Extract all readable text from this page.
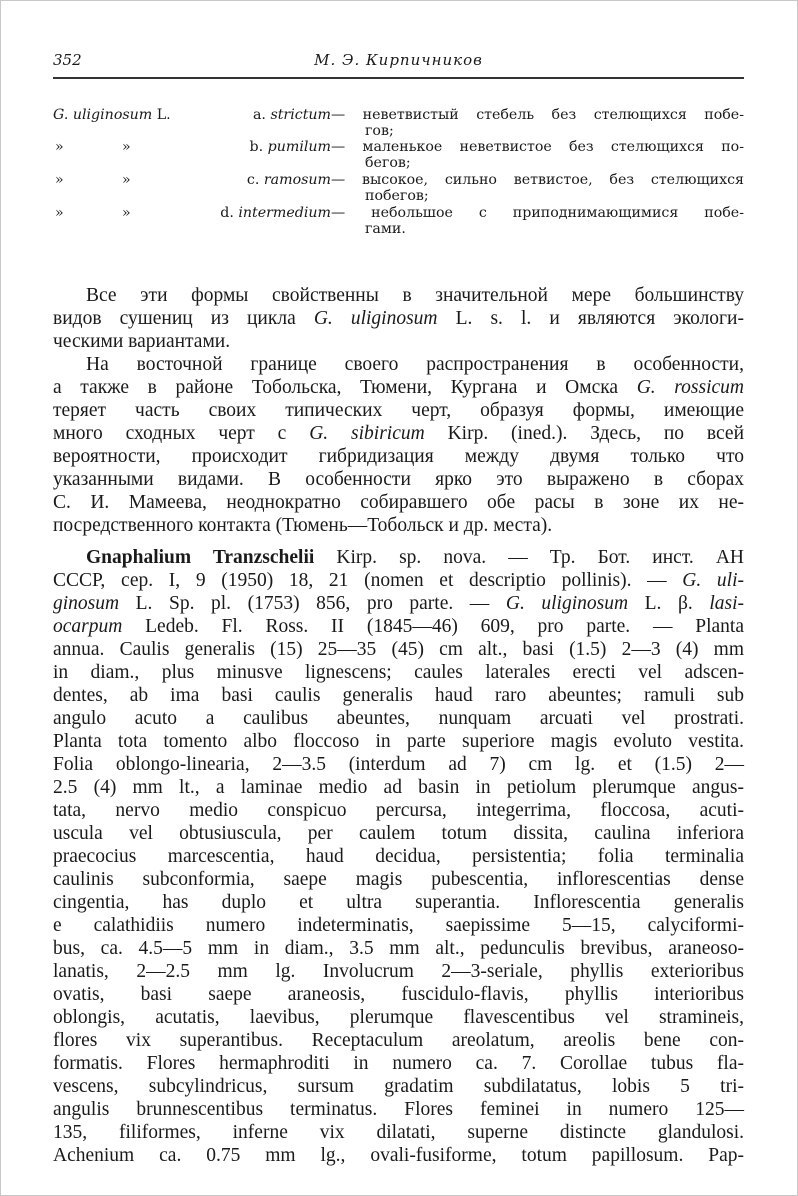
352	М. Э. Кирпичников
G. uliginosum L.	a. strictum — неветвистый стебель без стелющихся побе-
гов;
»	»	b. pumilum — маленькое неветвистое без стелющихся по-
бегов;
»	»	c. ramosum — высокое, сильно ветвистое, без стелющихся
побегов;
»	»	d. intermedium — небольшое с приподнимающимися побе-
гами.
Все эти формы свойственны в значительной мере большинству
видов сушениц из цикла G. uliginosum L. s. l. и являются экологи-
ческими вариантами.
На восточной границе своего распространения в особенности,
а также в районе Тобольска, Тюмени, Кургана и Омска G. rossicum
теряет часть своих типических черт, образуя формы, имеющие
много сходных черт с G. sibiricum Kirp. (ined.). Здесь, по всей
вероятности, происходит гибридизация между двумя только что
указанными видами. В особенности ярко это выражено в сборах
С. И. Мамеева, неоднократно собиравшего обе расы в зоне их не-
посредственного контакта (Тюмень—Тобольск и др. места).
Gnaphalium Tranzschelii Kirp. sp. nova. — Тр. Бот. инст. АН
СССР, сер. I, 9 (1950) 18, 21 (nomen et descriptio pollinis). — G. uli-
ginosum L. Sp. pl. (1753) 856, pro parte. — G. uliginosum L. β. lasi-
ocarpum Ledeb. Fl. Ross. II (1845—46) 609, pro parte. — Planta
annua. Caulis generalis (15) 25—35 (45) cm alt., basi (1.5) 2—3 (4) mm
in diam., plus minusve lignescens; caules laterales erecti vel adscen-
dentes, ab ima basi caulis generalis haud raro abeuntes; ramuli sub
angulo acuto a caulibus abeuntes, nunquam arcuati vel prostrati.
Planta tota tomento albo floccoso in parte superiore magis evoluto vestita.
Folia oblongo-linearia, 2—3.5 (interdum ad 7) cm lg. et (1.5) 2—
2.5 (4) mm lt., a laminae medio ad basin in petiolum plerumque angus-
tata, nervo medio conspicuo percursa, integerrima, floccosa, acuti-
uscula vel obtusiuscula, per caulem totum dissita, caulina inferiora
praecocius marcescentia, haud decidua, persistentia; folia terminalia
caulinis subconformia, saepe magis pubescentia, inflorescentias dense
cingentia, has duplo et ultra superantia. Inflorescentia generalis
e calathidiis numero indeterminatis, saepissime 5—15, calyciformi-
bus, ca. 4.5—5 mm in diam., 3.5 mm alt., pedunculis brevibus, araneoso-
lanatis, 2—2.5 mm lg. Involucrum 2—3-seriale, phyllis exterioribus
ovatis, basi saepe araneosis, fuscidulo-flavis, phyllis interioribus
oblongis, acutatis, laevibus, plerumque flavescentibus vel stramineis,
flores vix superantibus. Receptaculum areolatum, areolis bene con-
formatis. Flores hermaphroditi in numero ca. 7. Corollae tubus fla-
vescens, subcylindricus, sursum gradatim subdilatatus, lobis 5 tri-
angulis brunnescentibus terminatus. Flores feminei in numero 125—
135, filiformes, inferne vix dilatati, superne distincte glandulosi.
Achenium ca. 0.75 mm lg., ovali-fusiforme, totum papillosum. Pap-
